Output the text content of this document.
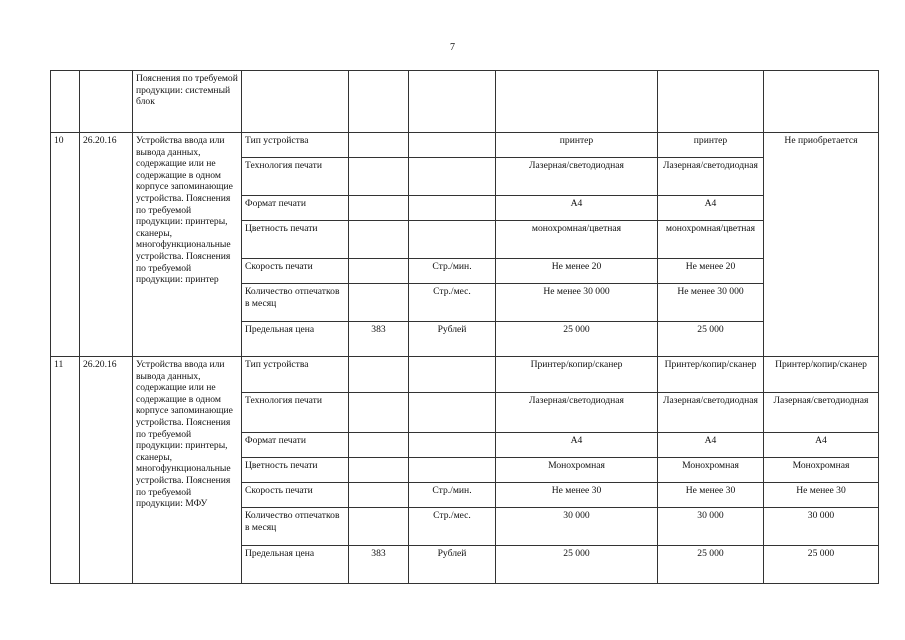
7
		Пояснения по требуемой продукции: системный блок						
10	26.20.16	Устройства ввода или вывода данных, содержащие или не содержащие в одном корпусе запоминающие устройства. Пояснения по требуемой продукции: принтеры, сканеры, многофункциональные устройства. Пояснения по требуемой продукции: принтер	Тип устройства			принтер	принтер	Не приобретается
			Технология печати			Лазерная/светодиодная	Лазерная/светодиодная	
			Формат печати			А4	А4	
			Цветность печати			монохромная/цветная	монохромная/цветная	
			Скорость печати		Стр./мин.	Не менее 20	Не менее 20	
			Количество отпечатков в месяц		Стр./мес.	Не менее 30 000	Не менее 30 000	
			Предельная цена	383	Рублей	25 000	25 000	
11	26.20.16	Устройства ввода или вывода данных, содержащие или не содержащие в одном корпусе запоминающие устройства. Пояснения по требуемой продукции: принтеры, сканеры, многофункциональные устройства. Пояснения по требуемой продукции: МФУ	Тип устройства			Принтер/копир/сканер	Принтер/копир/сканер	Принтер/копир/сканер
			Технология печати			Лазерная/светодиодная	Лазерная/светодиодная	Лазерная/светодиодная
			Формат печати			А4	А4	А4
			Цветность печати			Монохромная	Монохромная	Монохромная
			Скорость печати		Стр./мин.	Не менее 30	Не менее 30	Не менее 30
			Количество отпечатков в месяц		Стр./мес.	30 000	30 000	30 000
			Предельная цена	383	Рублей	25 000	25 000	25 000
